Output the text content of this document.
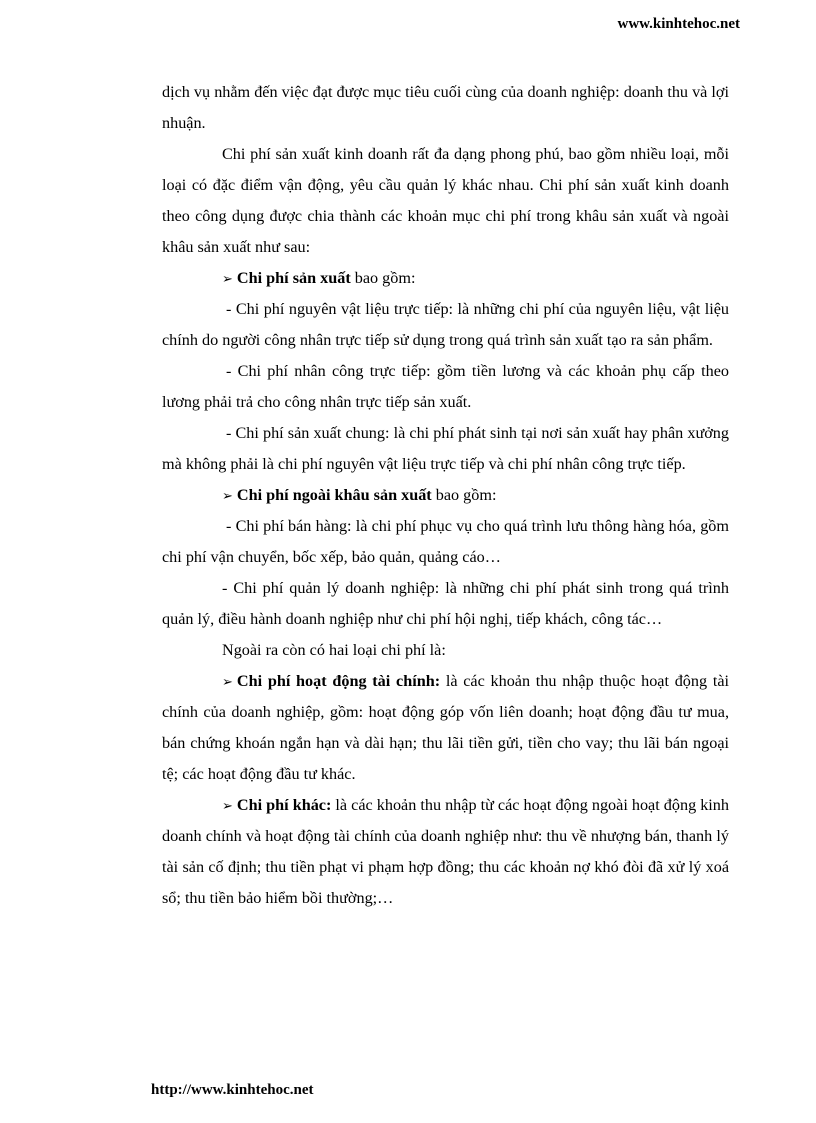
www.kinhtehoc.net

dịch vụ nhằm đến việc đạt được mục tiêu cuối cùng của doanh nghiệp: doanh thu và lợi nhuận.

Chi phí sản xuất kinh doanh rất đa dạng phong phú, bao gồm nhiều loại, mỗi loại có đặc điểm vận động, yêu cầu quản lý khác nhau. Chi phí sản xuất kinh doanh theo công dụng được chia thành các khoản mục chi phí trong khâu sản xuất và ngoài khâu sản xuất như sau:

➢ Chi phí sản xuất bao gồm:

- Chi phí nguyên vật liệu trực tiếp: là những chi phí của nguyên liệu, vật liệu chính do người công nhân trực tiếp sử dụng trong quá trình sản xuất tạo ra sản phẩm.

- Chi phí nhân công trực tiếp: gồm tiền lương và các khoản phụ cấp theo lương phải trả cho công nhân trực tiếp sản xuất.

- Chi phí sản xuất chung: là chi phí phát sinh tại nơi sản xuất hay phân xưởng mà không phải là chi phí nguyên vật liệu trực tiếp và chi phí nhân công trực tiếp.

➢ Chi phí ngoài khâu sản xuất bao gồm:

- Chi phí bán hàng: là chi phí phục vụ cho quá trình lưu thông hàng hóa, gồm chi phí vận chuyển, bốc xếp, bảo quản, quảng cáo…

- Chi phí quản lý doanh nghiệp: là những chi phí phát sinh trong quá trình quản lý, điều hành doanh nghiệp như chi phí hội nghị, tiếp khách, công tác…

Ngoài ra còn có hai loại chi phí là:

➢ Chi phí hoạt động tài chính: là các khoản thu nhập thuộc hoạt động tài chính của doanh nghiệp, gồm: hoạt động góp vốn liên doanh; hoạt động đầu tư mua, bán chứng khoán ngắn hạn và dài hạn; thu lãi tiền gửi, tiền cho vay; thu lãi bán ngoại tệ; các hoạt động đầu tư khác.

➢ Chi phí khác: là các khoản thu nhập từ các hoạt động ngoài hoạt động kinh doanh chính và hoạt động tài chính của doanh nghiệp như: thu về nhượng bán, thanh lý tài sản cố định; thu tiền phạt vi phạm hợp đồng; thu các khoản nợ khó đòi đã xử lý xoá sổ; thu tiền bảo hiểm bồi thường;…

http://www.kinhtehoc.net
